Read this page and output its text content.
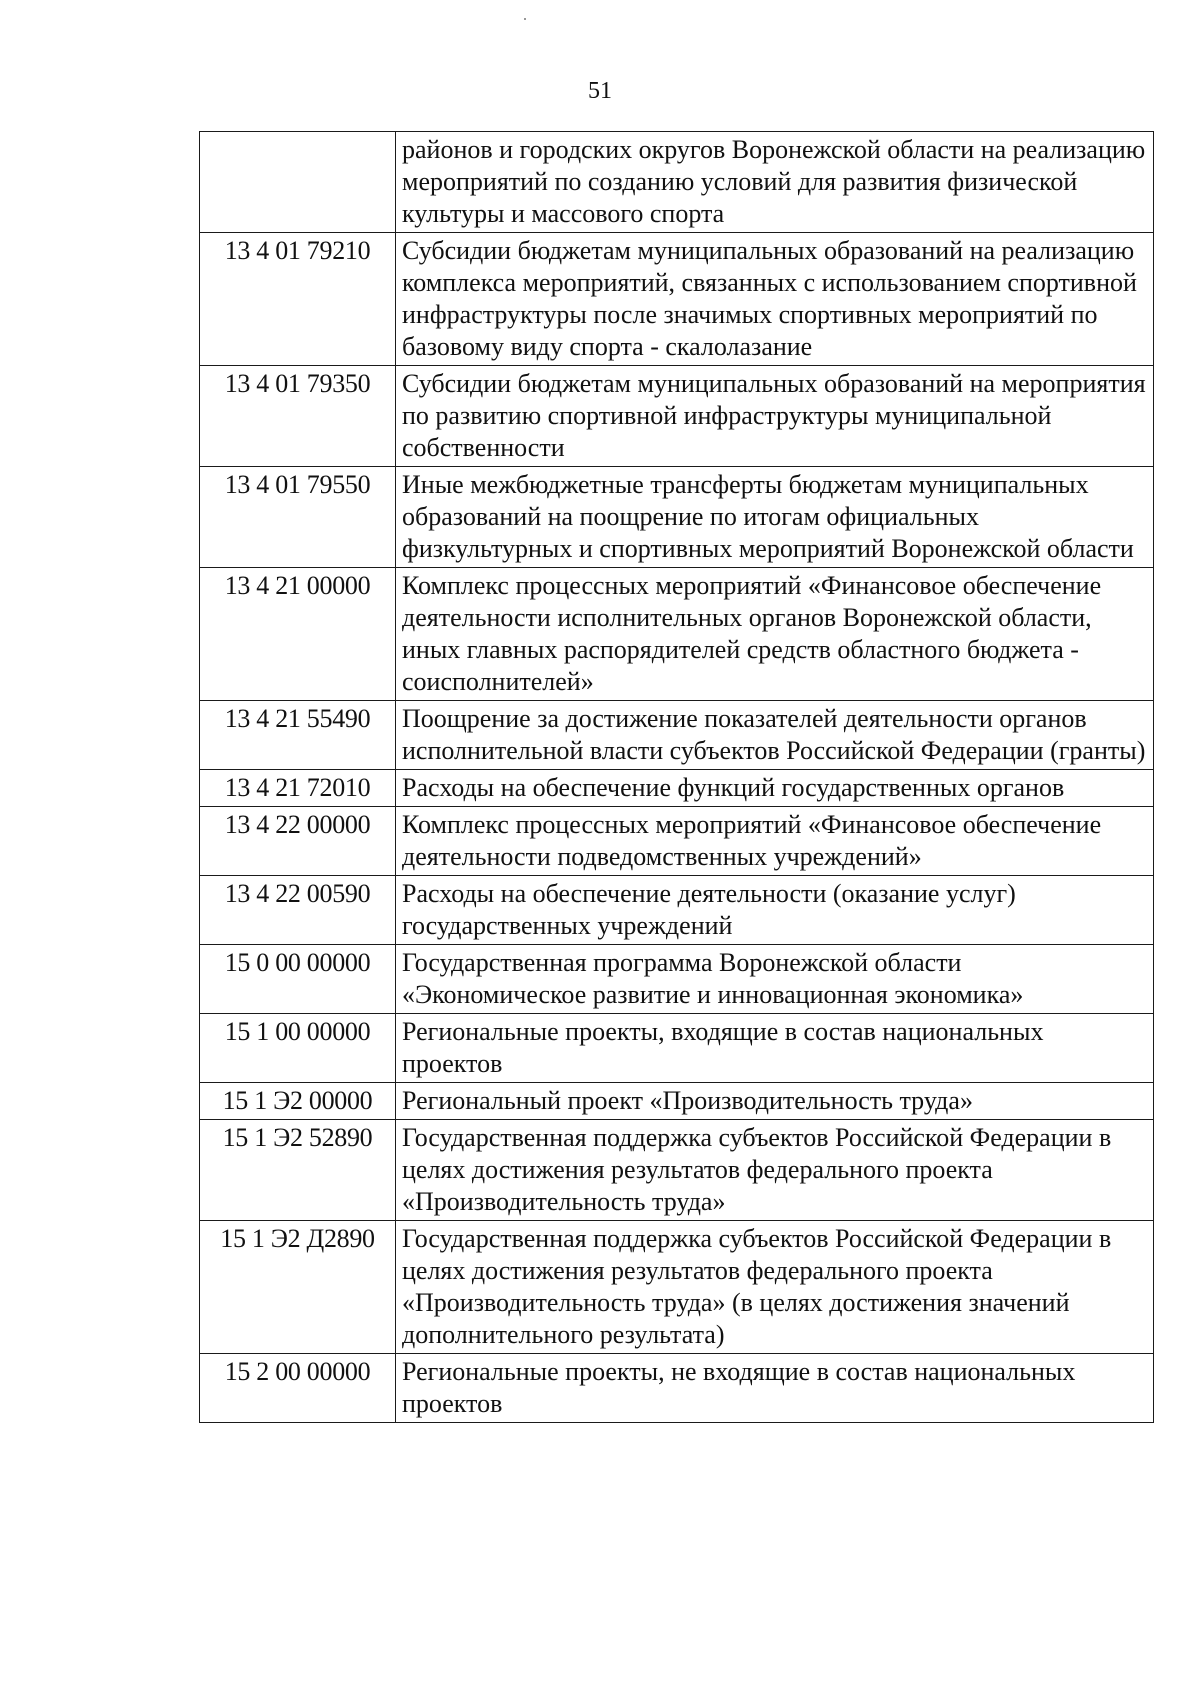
51
	районов и городских округов Воронежской области на реализацию мероприятий по созданию условий для развития физической культуры и массового спорта
13 4 01 79210	Субсидии бюджетам муниципальных образований на реализацию комплекса мероприятий, связанных с использованием спортивной инфраструктуры после значимых спортивных мероприятий по базовому виду спорта - скалолазание
13 4 01 79350	Субсидии бюджетам муниципальных образований на мероприятия по развитию спортивной инфраструктуры муниципальной собственности
13 4 01 79550	Иные межбюджетные трансферты бюджетам муниципальных образований на поощрение по итогам официальных физкультурных и спортивных мероприятий Воронежской области
13 4 21 00000	Комплекс процессных мероприятий «Финансовое обеспечение деятельности исполнительных органов Воронежской области, иных главных распорядителей средств областного бюджета - соисполнителей»
13 4 21 55490	Поощрение за достижение показателей деятельности органов исполнительной власти субъектов Российской Федерации (гранты)
13 4 21 72010	Расходы на обеспечение функций государственных органов
13 4 22 00000	Комплекс процессных мероприятий «Финансовое обеспечение деятельности подведомственных учреждений»
13 4 22 00590	Расходы на обеспечение деятельности (оказание услуг) государственных учреждений
15 0 00 00000	Государственная программа Воронежской области «Экономическое развитие и инновационная экономика»
15 1 00 00000	Региональные проекты, входящие в состав национальных проектов
15 1 Э2 00000	Региональный проект «Производительность труда»
15 1 Э2 52890	Государственная поддержка субъектов Российской Федерации в целях достижения результатов федерального проекта «Производительность труда»
15 1 Э2 Д2890	Государственная поддержка субъектов Российской Федерации в целях достижения результатов федерального проекта «Производительность труда» (в целях достижения значений дополнительного результата)
15 2 00 00000	Региональные проекты, не входящие в состав национальных проектов
